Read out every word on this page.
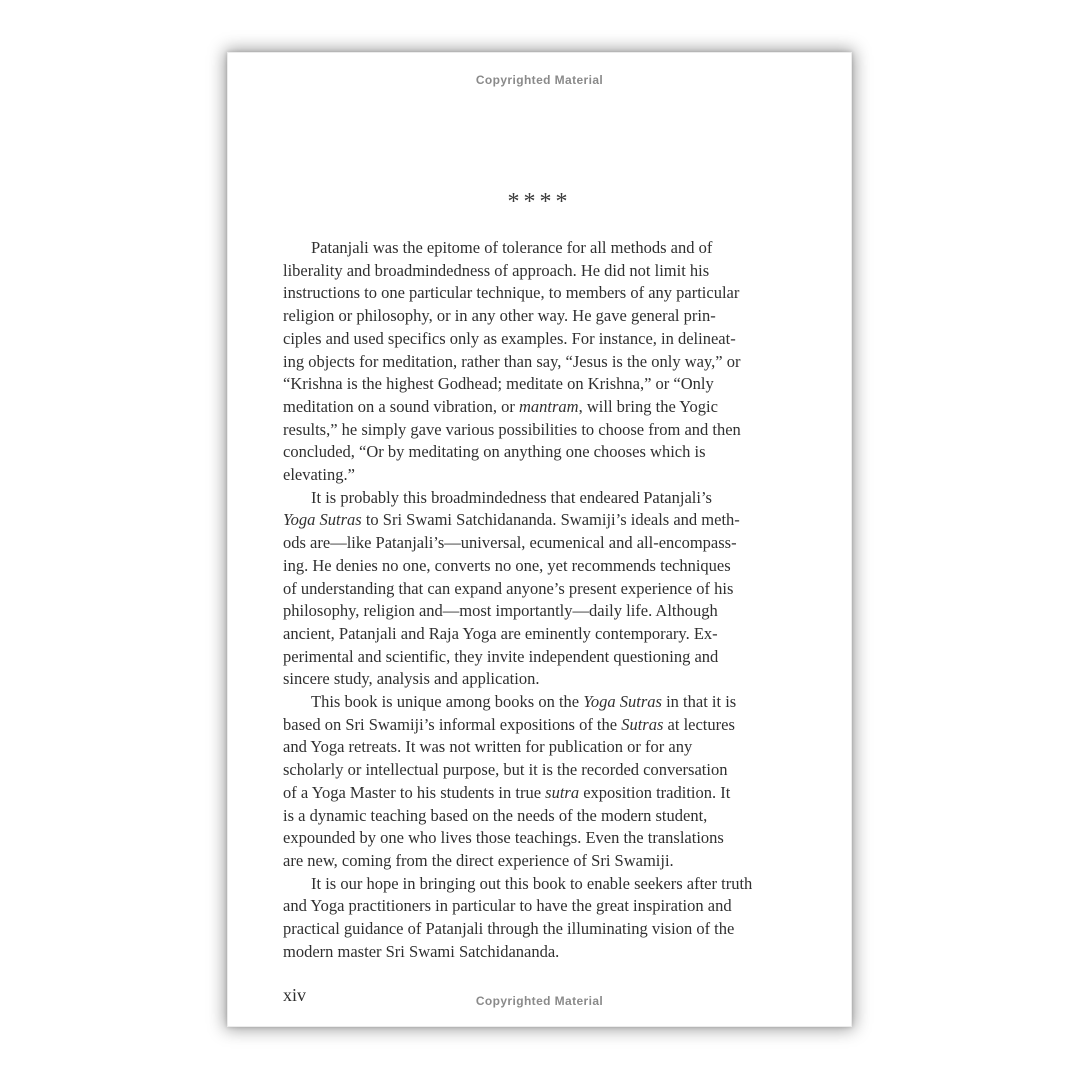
Copyrighted Material
****
Patanjali was the epitome of tolerance for all methods and of
liberality and broadmindedness of approach. He did not limit his
instructions to one particular technique, to members of any particular
religion or philosophy, or in any other way. He gave general prin-
ciples and used specifics only as examples. For instance, in delineat-
ing objects for meditation, rather than say, “Jesus is the only way,” or
“Krishna is the highest Godhead; meditate on Krishna,” or “Only
meditation on a sound vibration, or mantram, will bring the Yogic
results,” he simply gave various possibilities to choose from and then
concluded, “Or by meditating on anything one chooses which is
elevating.”
It is probably this broadmindedness that endeared Patanjali’s
Yoga Sutras to Sri Swami Satchidananda. Swamiji’s ideals and meth-
ods are—like Patanjali’s—universal, ecumenical and all-encompass-
ing. He denies no one, converts no one, yet recommends techniques
of understanding that can expand anyone’s present experience of his
philosophy, religion and—most importantly—daily life. Although
ancient, Patanjali and Raja Yoga are eminently contemporary. Ex-
perimental and scientific, they invite independent questioning and
sincere study, analysis and application.
This book is unique among books on the Yoga Sutras in that it is
based on Sri Swamiji’s informal expositions of the Sutras at lectures
and Yoga retreats. It was not written for publication or for any
scholarly or intellectual purpose, but it is the recorded conversation
of a Yoga Master to his students in true sutra exposition tradition. It
is a dynamic teaching based on the needs of the modern student,
expounded by one who lives those teachings. Even the translations
are new, coming from the direct experience of Sri Swamiji.
It is our hope in bringing out this book to enable seekers after truth
and Yoga practitioners in particular to have the great inspiration and
practical guidance of Patanjali through the illuminating vision of the
modern master Sri Swami Satchidananda.
xiv	Copyrighted Material
